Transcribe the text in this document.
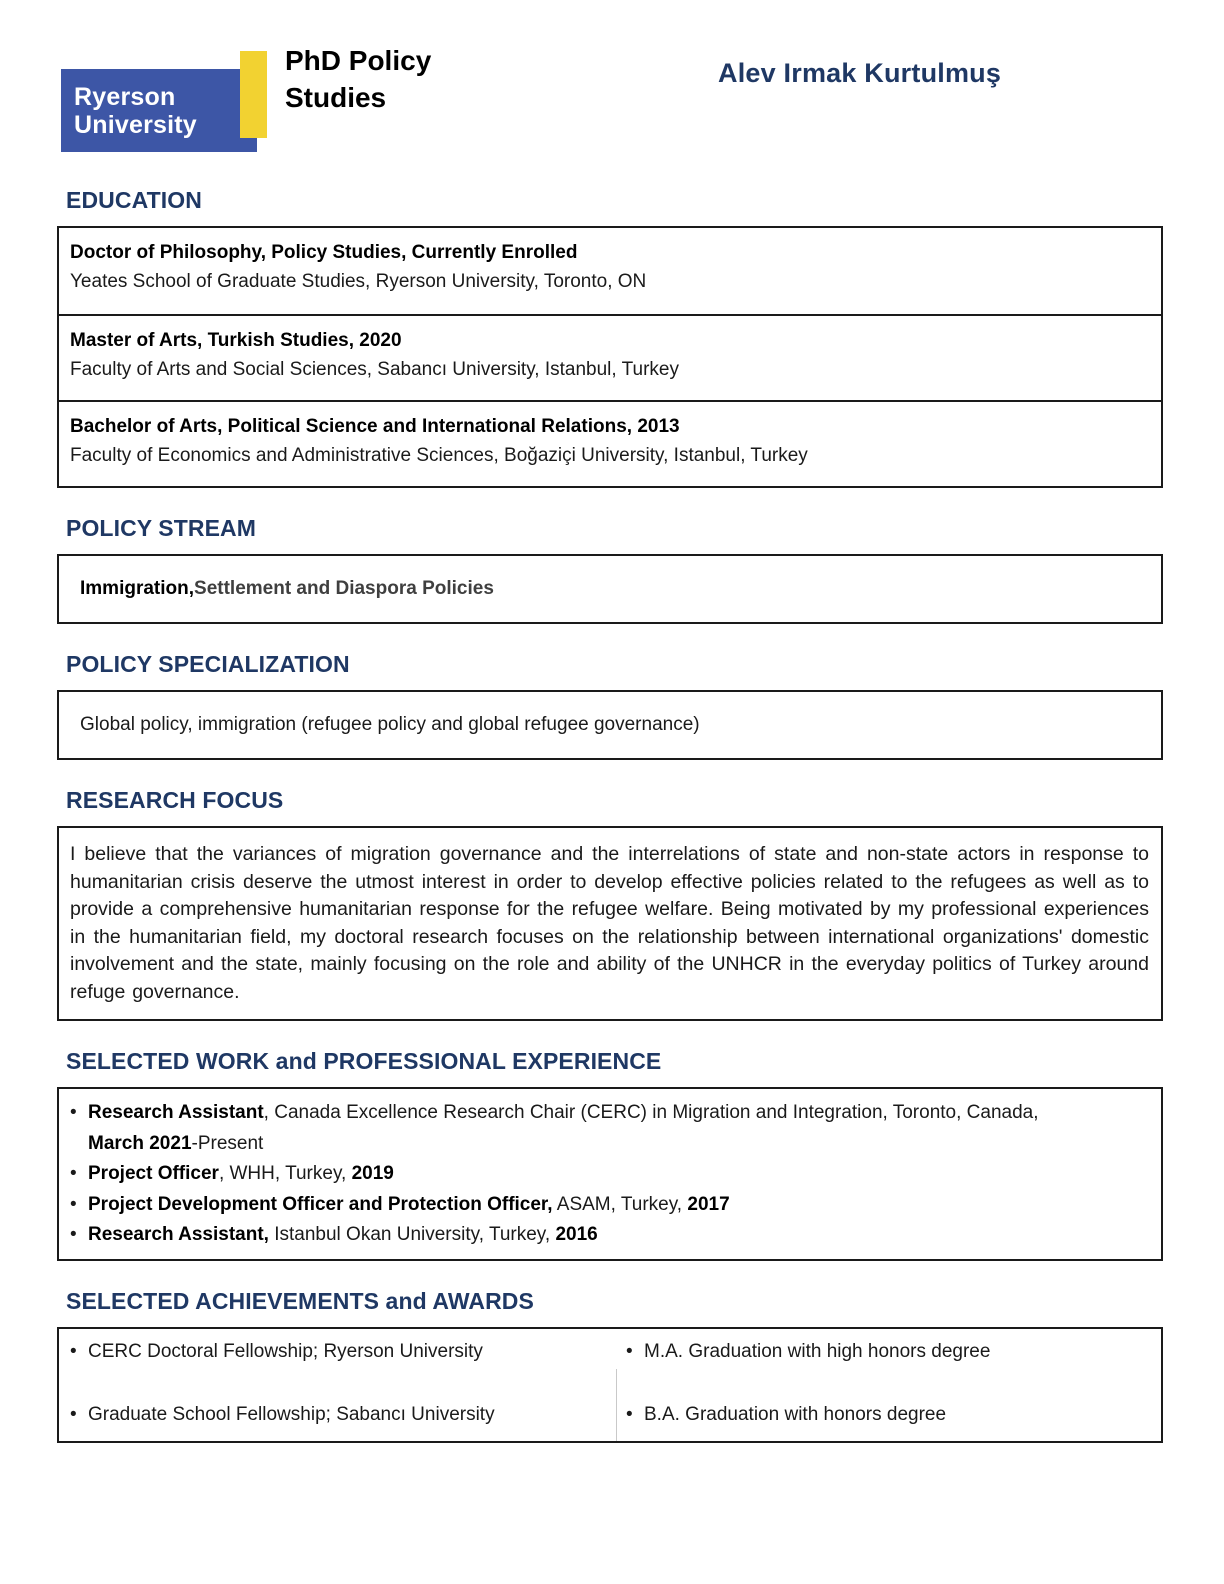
Ryerson
University
PhD Policy
Studies
Alev Irmak Kurtulmuş
EDUCATION
Doctor of Philosophy, Policy Studies, Currently Enrolled
Yeates School of Graduate Studies, Ryerson University, Toronto, ON
Master of Arts, Turkish Studies, 2020
Faculty of Arts and Social Sciences, Sabancı University, Istanbul, Turkey
Bachelor of Arts, Political Science and International Relations, 2013
Faculty of Economics and Administrative Sciences, Boğaziçi University, Istanbul, Turkey
POLICY STREAM
Immigration, Settlement and Diaspora Policies
POLICY SPECIALIZATION
Global policy, immigration (refugee policy and global refugee governance)
RESEARCH FOCUS
I believe that the variances of migration governance and the interrelations of state and non-state actors in response to humanitarian crisis deserve the utmost interest in order to develop effective policies related to the refugees as well as to provide a comprehensive humanitarian response for the refugee welfare. Being motivated by my professional experiences in the humanitarian field, my doctoral research focuses on the relationship between international organizations' domestic involvement and the state, mainly focusing on the role and ability of the UNHCR in the everyday politics of Turkey around refuge governance.
SELECTED WORK and PROFESSIONAL EXPERIENCE
• Research Assistant, Canada Excellence Research Chair (CERC) in Migration and Integration, Toronto, Canada,
March 2021-Present
• Project Officer, WHH, Turkey, 2019
• Project Development Officer and Protection Officer, ASAM, Turkey, 2017
• Research Assistant, Istanbul Okan University, Turkey, 2016
SELECTED ACHIEVEMENTS and AWARDS
• CERC Doctoral Fellowship; Ryerson University	• M.A. Graduation with high honors degree
• Graduate School Fellowship; Sabancı University	• B.A. Graduation with honors degree
